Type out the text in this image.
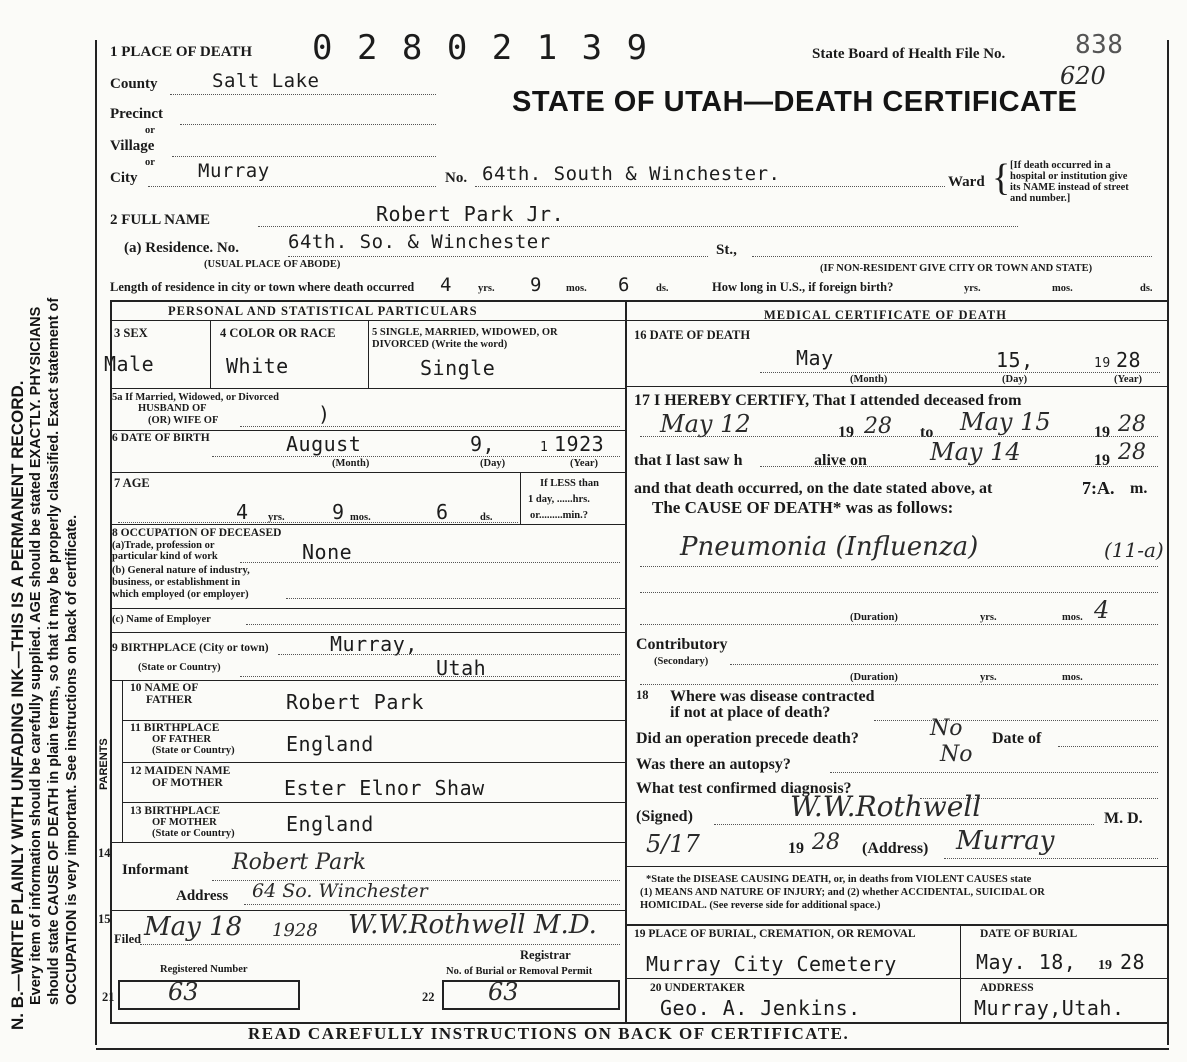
N. B.—WRITE PLAINLY WITH UNFADING INK—THIS IS A PERMANENT RECORD. Every item of information should be carefully supplied. AGE should be stated EXACTLY. PHYSICIANS should state CAUSE OF DEATH in plain terms, so that it may be properly classified. Exact statement of OCCUPATION is very important. See instructions on back of certificate.
1 PLACE OF DEATH 0 2 8 0 2 1 3 9	State Board of Health File No.	838
620
STATE OF UTAH—DEATH CERTIFICATE
County	Salt Lake
Precinct
or
Village
or
City	Murray	No. 64th. South & Winchester.	Ward { [If death occurred in a
hospital or institution give
its NAME instead of street
and number.]
2 FULL NAME	Robert Park Jr.
(a) Residence. No.	64th. So. & Winchester	St.,
(USUAL PLACE OF ABODE)	(IF NON-RESIDENT GIVE CITY OR TOWN AND STATE)
Length of residence in city or town where death occurred 4 yrs. 9 mos. 6 ds.	How long in U.S., if foreign birth?	yrs.	mos.	ds.
PERSONAL AND STATISTICAL PARTICULARS	MEDICAL CERTIFICATE OF DEATH
3 SEX
Male
4 COLOR OR RACE
White
5 SINGLE, MARRIED, WIDOWED, OR
DIVORCED (Write the word)
Single
5a If Married, Widowed, or Divorced
HUSBAND OF
(OR) WIFE OF	)
6 DATE OF BIRTH	August	9,	1 1923
(Month)	(Day)	(Year)
7 AGE
4 yrs. 9 mos.	6	ds.
If LESS than
1 day, ......hrs.
or.........min.?
8 OCCUPATION OF DECEASED
(a)Trade, profession or
particular kind of work	None
(b) General nature of industry,
business, or establishment in
which employed (or employer)
(c) Name of Employer
9 BIRTHPLACE (City or town)	Murray,
(State or Country)	Utah
PARENTS
10 NAME OF
FATHER	Robert Park
11 BIRTHPLACE
OF FATHER
(State or Country)	England
12 MAIDEN NAME
OF MOTHER	Ester Elnor Shaw
13 BIRTHPLACE
OF MOTHER
(State or Country)	England
14
Informant Robert Park
Address 64 So. Winchester
15
Filed May 18 1928 W.W.Rothwell M.D.
Registrar
Registered Number	No. of Burial or Removal Permit
21 63	22 63
16 DATE OF DEATH
May	15,	19 28
(Month)	(Day)	(Year)
17 I HEREBY CERTIFY, That I attended deceased from
May 12	19 28 to May 15	19 28
that I last saw h	alive on	May 14	19 28
and that death occurred, on the date stated above, at	7:A. m.
The CAUSE OF DEATH* was as follows:
Pneumonia (Influenza)	(11-a)
(Duration)	yrs.	mos. 4
Contributory
(Secondary)
(Duration)	yrs.	mos.
18 Where was disease contracted
if not at place of death?
Did an operation precede death?	No Date of
Was there an autopsy?	No
What test confirmed diagnosis?
(Signed)	W.W.Rothwell	M. D.
5/17	19 28 (Address) Murray
*State the DISEASE CAUSING DEATH, or, in deaths from VIOLENT CAUSES state
(1) MEANS AND NATURE OF INJURY; and (2) whether ACCIDENTAL, SUICIDAL OR
HOMICIDAL. (See reverse side for additional space.)
19 PLACE OF BURIAL, CREMATION, OR REMOVAL
Murray City Cemetery
DATE OF BURIAL
May. 18, 19 28
20 UNDERTAKER
Geo. A. Jenkins.
ADDRESS
Murray,Utah.
READ CAREFULLY INSTRUCTIONS ON BACK OF CERTIFICATE.
